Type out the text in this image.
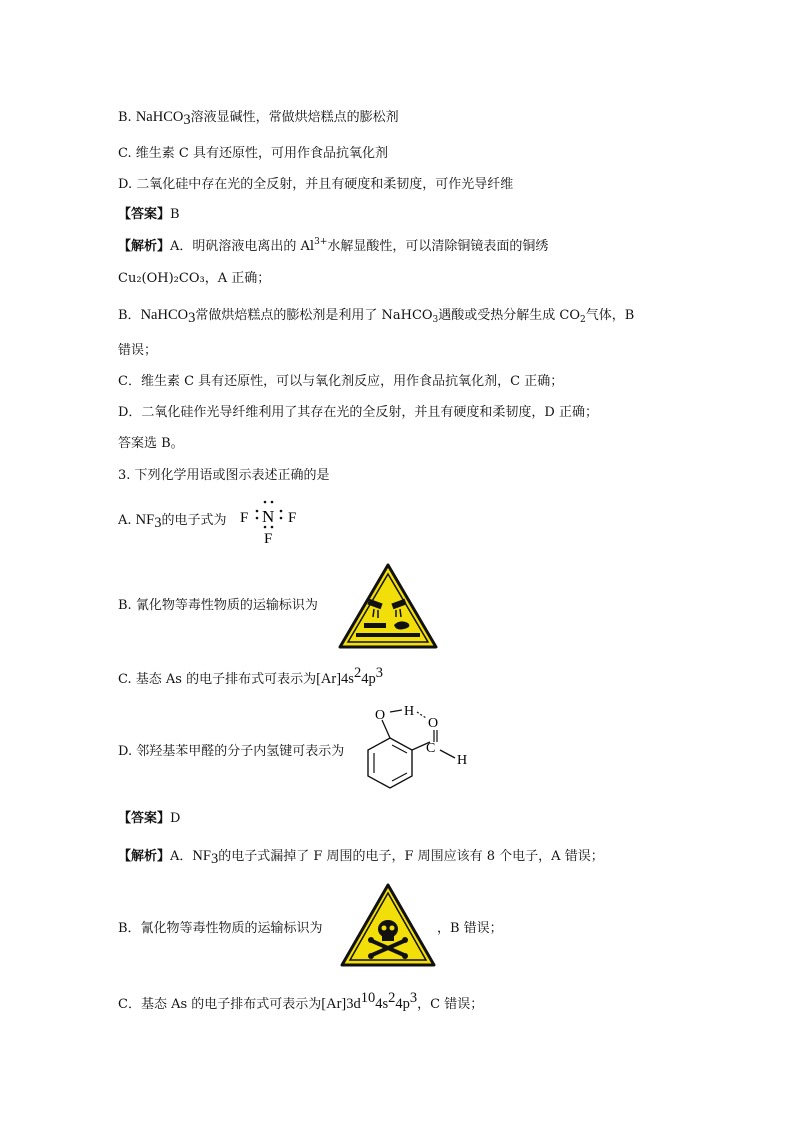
B. NaHCO$_3$溶液显碱性，常做烘焙糕点的膨松剂
C. 维生素 C 具有还原性，可用作食品抗氧化剂
D. 二氧化硅中存在光的全反射，并且有硬度和柔韧度，可作光导纤维
【答案】B
【解析】A．明矾溶液电离出的 $Al^{3+}$水解显酸性，可以清除铜镜表面的铜绣
Cu₂(OH)₂CO₃，A 正确；
B．NaHCO$_3$常做烘焙糕点的膨松剂是利用了 NaHCO$_3$遇酸或受热分解生成 $CO_2$气体，B
错误；
C．维生素 C 具有还原性，可以与氧化剂反应，用作食品抗氧化剂，C 正确；
D．二氧化硅作光导纤维利用了其存在光的全反射，并且有硬度和柔韧度，D 正确；
答案选 B。
3. 下列化学用语或图示表述正确的是
A. $NF_3$的电子式为 F N F
F
B. 氰化物等毒性物质的运输标识为
C. 基态 As 的电子排布式可表示为$[Ar]4s^24p^3$
D. 邻羟基苯甲醛的分子内氢键可表示为
O H
O
C
H
【答案】D
【解析】A．$NF_3$的电子式漏掉了 F 周围的电子，F 周围应该有 8 个电子，A 错误；
B．氰化物等毒性物质的运输标识为	，B 错误；
C．基态 As 的电子排布式可表示为$[Ar]3d^{10}4s^24p^3$，C 错误；
